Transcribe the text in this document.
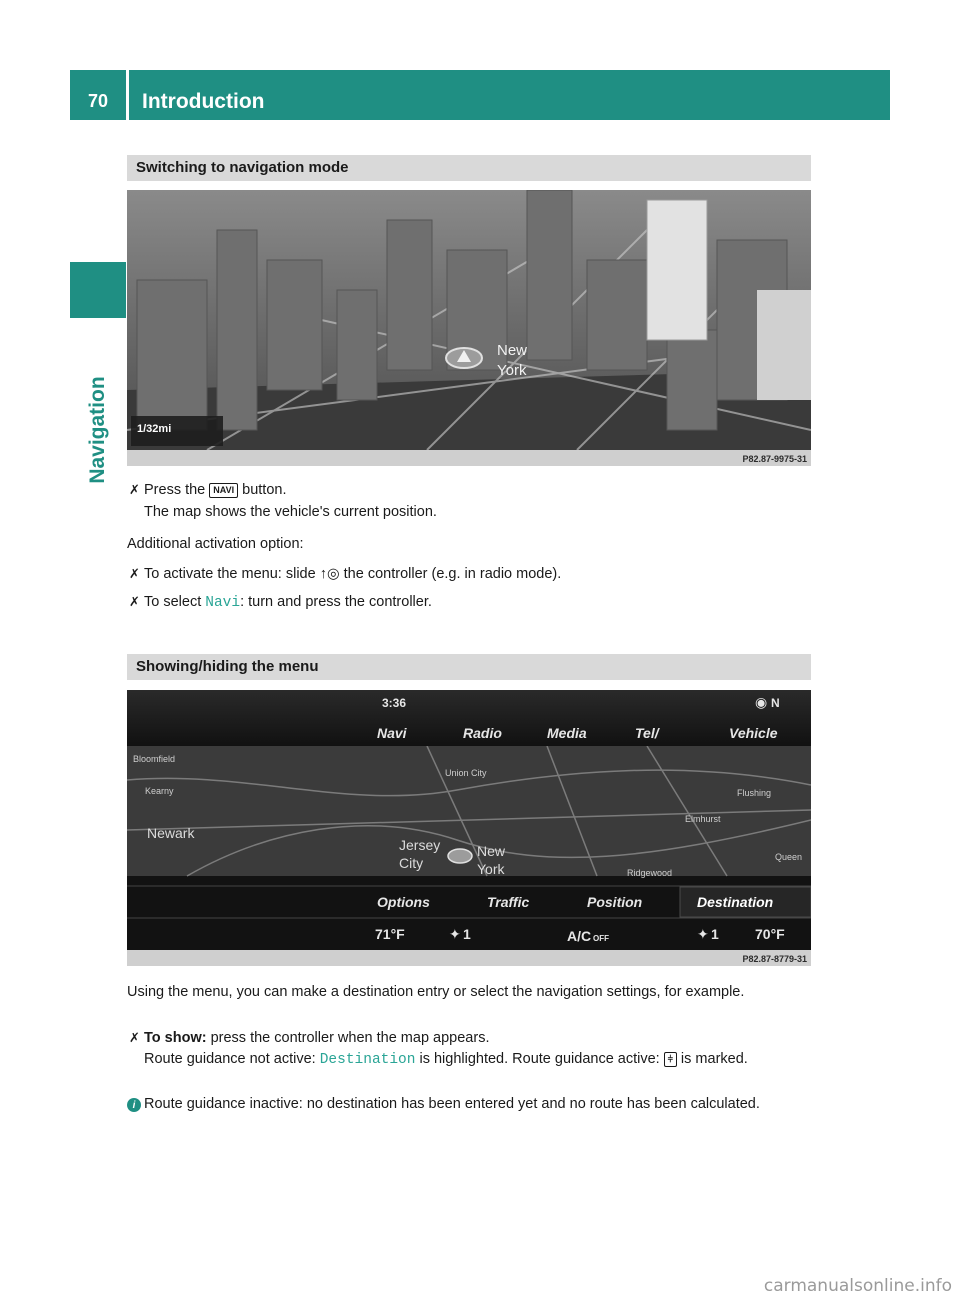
70	Introduction
Navigation
Switching to navigation mode
New
York
1/32mi
P82.87-9975-31
✗ Press the NAVI button.
The map shows the vehicle's current position.
Additional activation option:
✗ To activate the menu: slide ↑◎ the controller (e.g. in radio mode).
✗ To select Navi: turn and press the controller.
Showing/hiding the menu
3:36	◉ N
Navi	Radio	Media	Tel/	Vehicle
Bloomfield
Kearny
Newark
Union City
Jersey City
New York
Flushing
Elmhurst
Ridgewood
Queen
Options	Traffic	Position	Destination
71°F	✦ 1	A/C OFF	✦ 1	70°F
P82.87-8779-31
Using the menu, you can make a destination entry or select the navigation settings, for example.
✗ To show: press the controller when the map appears.
Route guidance not active: Destination is highlighted. Route guidance active: ⫩ is marked.
i Route guidance inactive: no destination has been entered yet and no route has been calculated.
carmanualsonline.info
